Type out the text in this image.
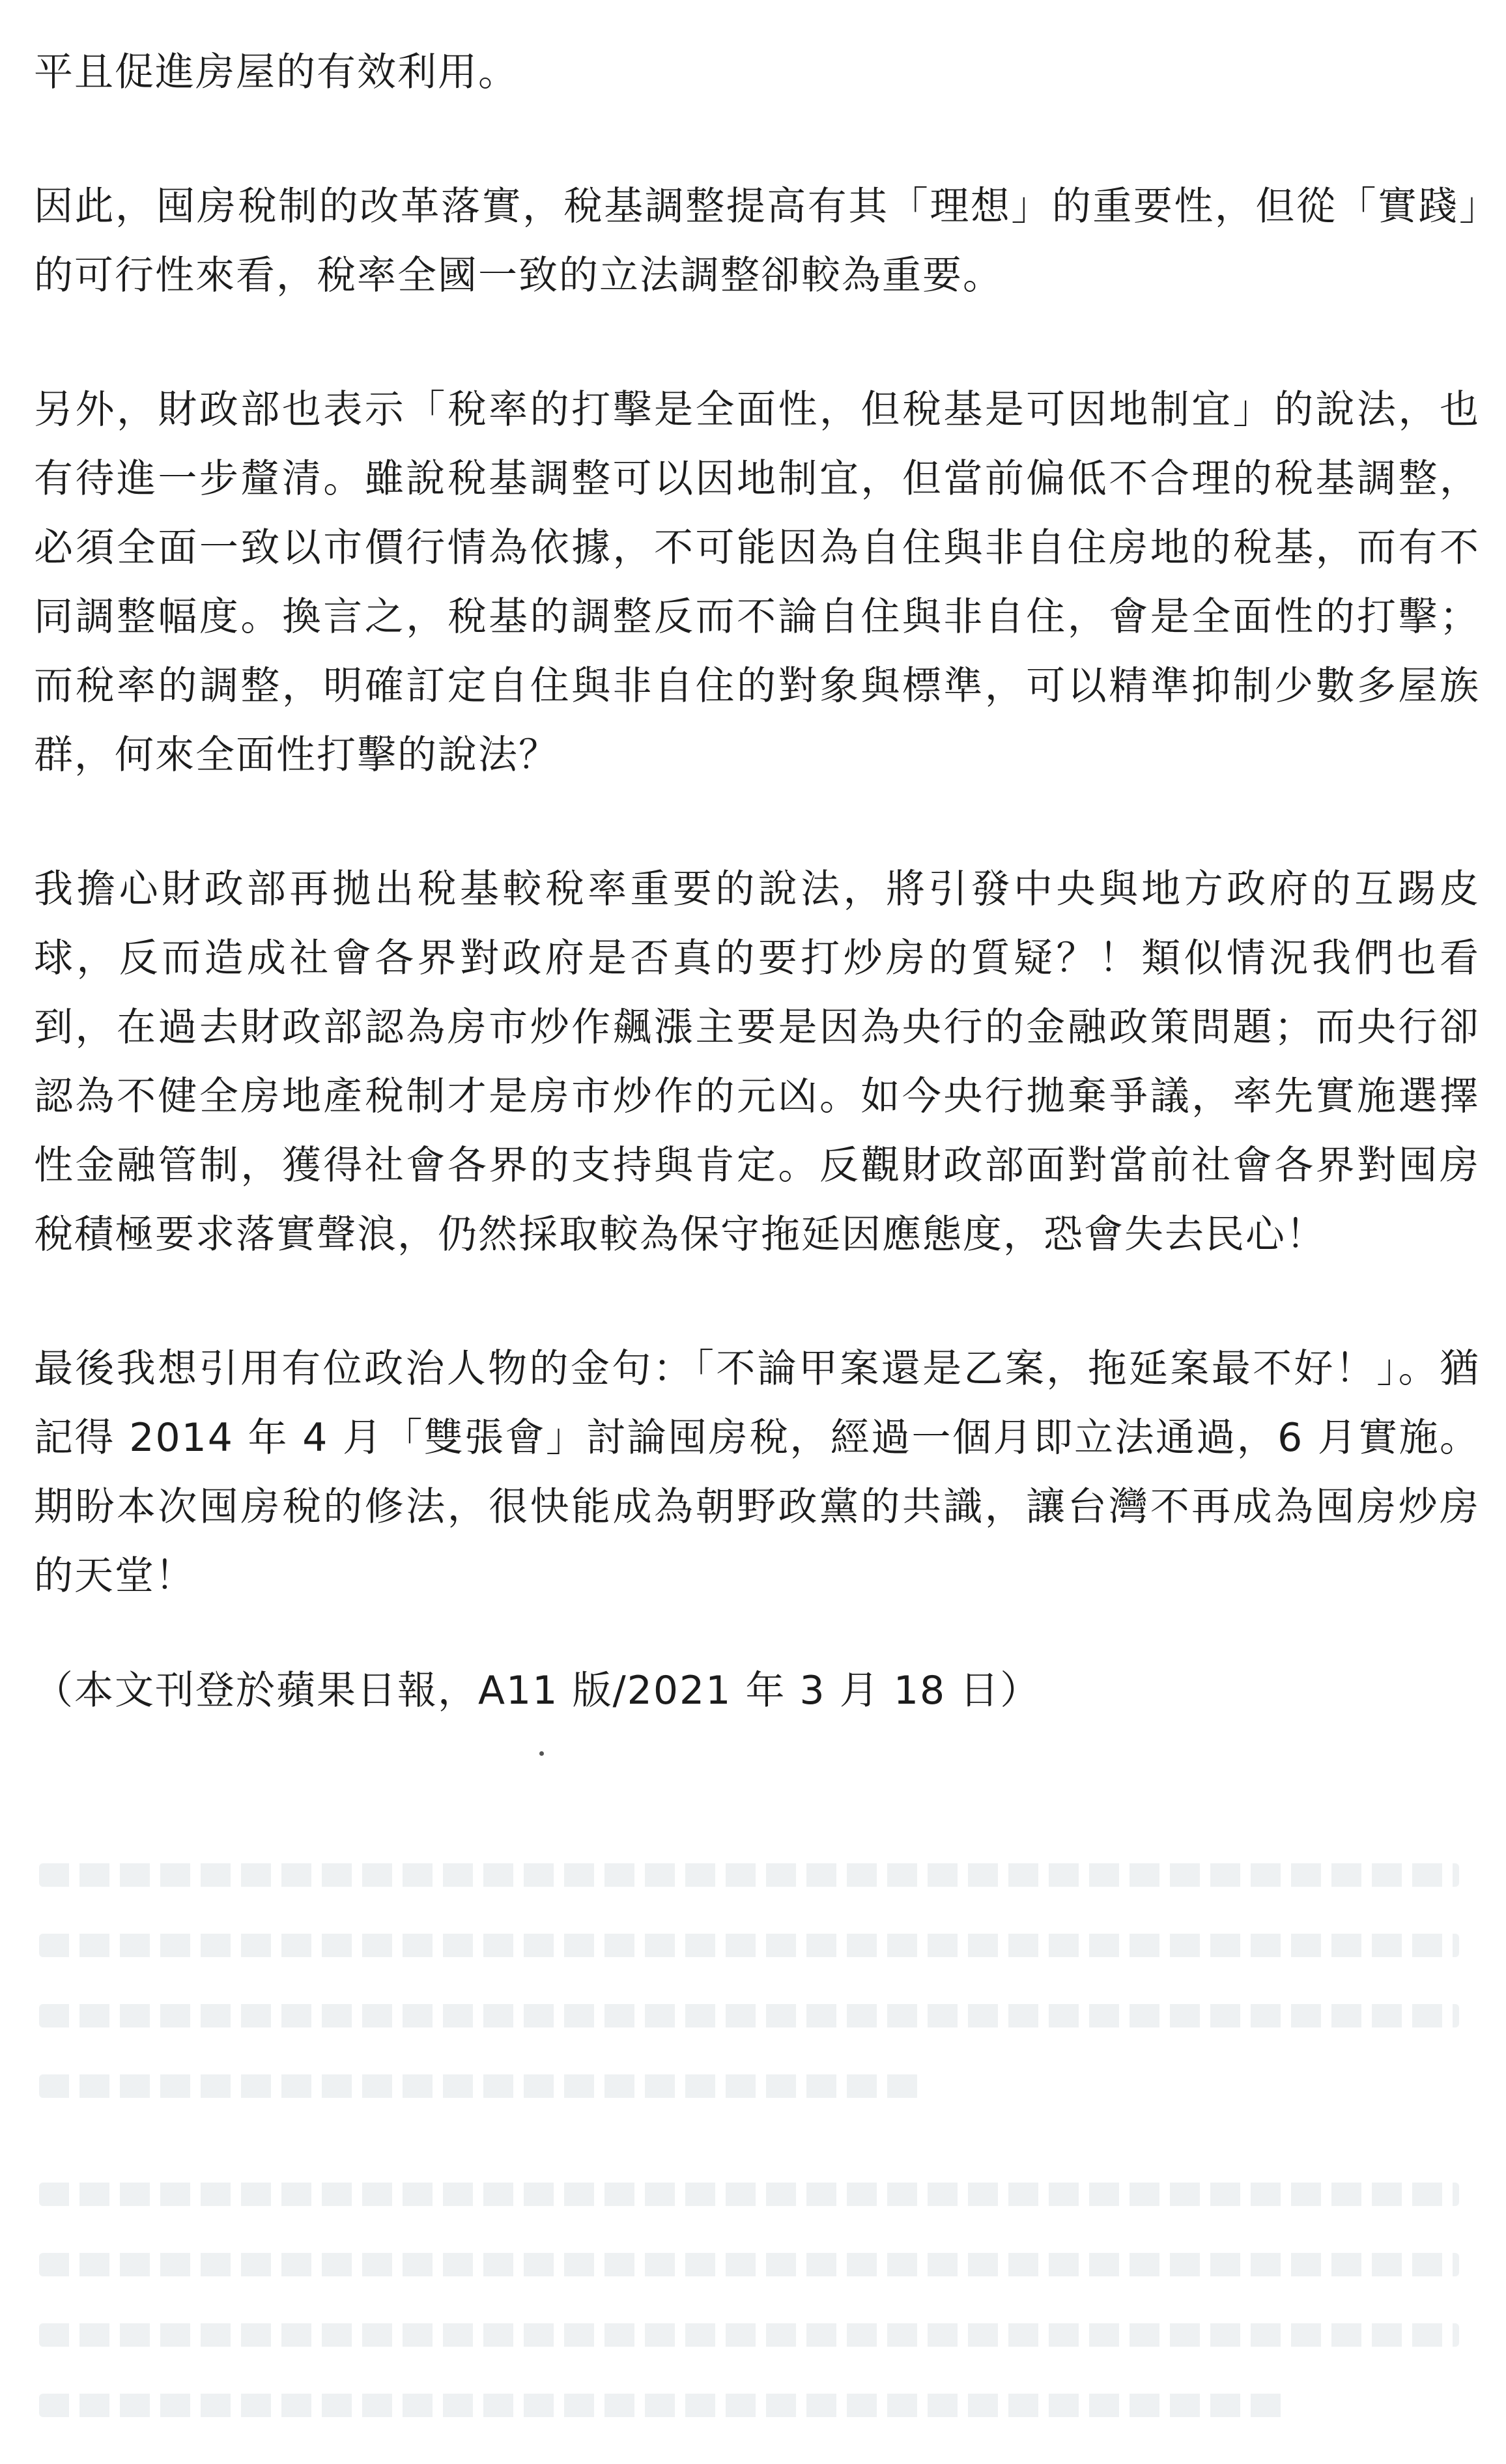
平且促進房屋的有效利用。

因此，囤房稅制的改革落實，稅基調整提高有其「理想」的重要性，但從「實踐」的可行性來看，稅率全國一致的立法調整卻較為重要。

另外，財政部也表示「稅率的打擊是全面性，但稅基是可因地制宜」的說法，也有待進一步釐清。雖說稅基調整可以因地制宜，但當前偏低不合理的稅基調整，必須全面一致以市價行情為依據，不可能因為自住與非自住房地的稅基，而有不同調整幅度。換言之，稅基的調整反而不論自住與非自住，會是全面性的打擊；而稅率的調整，明確訂定自住與非自住的對象與標準，可以精準抑制少數多屋族群，何來全面性打擊的說法？

我擔心財政部再拋出稅基較稅率重要的說法，將引發中央與地方政府的互踢皮球，反而造成社會各界對政府是否真的要打炒房的質疑？！類似情況我們也看到，在過去財政部認為房市炒作飆漲主要是因為央行的金融政策問題；而央行卻認為不健全房地產稅制才是房市炒作的元凶。如今央行拋棄爭議，率先實施選擇性金融管制，獲得社會各界的支持與肯定。反觀財政部面對當前社會各界對囤房稅積極要求落實聲浪，仍然採取較為保守拖延因應態度，恐會失去民心！

最後我想引用有位政治人物的金句：「不論甲案還是乙案，拖延案最不好！」。猶記得 2014 年 4 月「雙張會」討論囤房稅，經過一個月即立法通過，6 月實施。期盼本次囤房稅的修法，很快能成為朝野政黨的共識，讓台灣不再成為囤房炒房的天堂！

（本文刊登於蘋果日報，A11 版/2021 年 3 月 18 日）
